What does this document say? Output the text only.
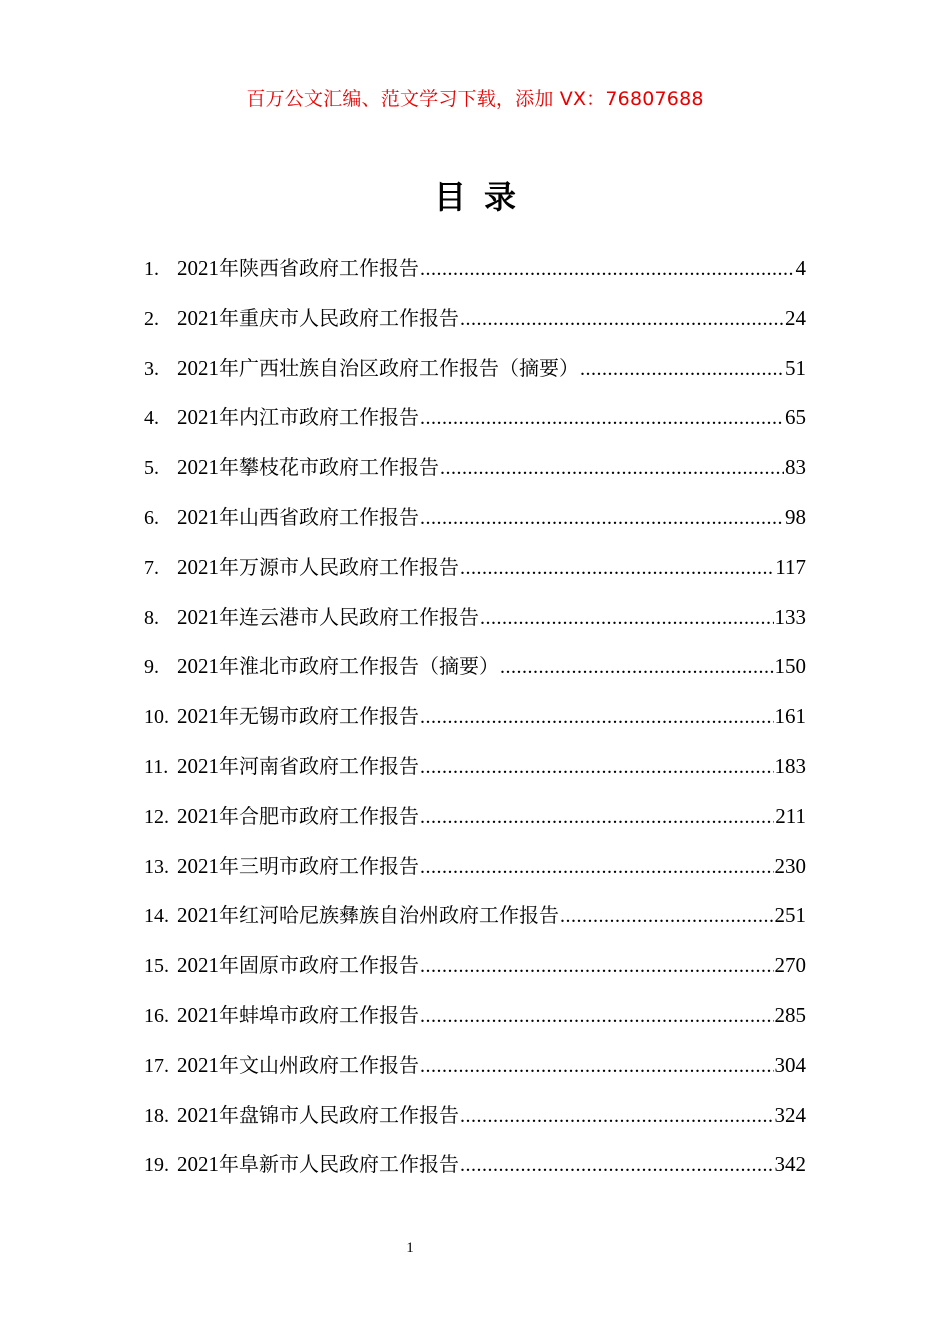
百万公文汇编、范文学习下载，添加 VX：76807688
目录
1. 2021年陕西省政府工作报告 .....	4
2. 2021年重庆市人民政府工作报告 .....	24
3. 2021年广西壮族自治区政府工作报告（摘要） .....	51
4. 2021年内江市政府工作报告 .....	65
5. 2021年攀枝花市政府工作报告 .....	83
6. 2021年山西省政府工作报告 .....	98
7. 2021年万源市人民政府工作报告 .....	117
8. 2021年连云港市人民政府工作报告 .....	133
9. 2021年淮北市政府工作报告（摘要） .....	150
10. 2021年无锡市政府工作报告 .....	161
11. 2021年河南省政府工作报告 .....	183
12. 2021年合肥市政府工作报告 .....	211
13. 2021年三明市政府工作报告 .....	230
14. 2021年红河哈尼族彝族自治州政府工作报告 .....	251
15. 2021年固原市政府工作报告 .....	270
16. 2021年蚌埠市政府工作报告 .....	285
17. 2021年文山州政府工作报告 .....	304
18. 2021年盘锦市人民政府工作报告 .....	324
19. 2021年阜新市人民政府工作报告 .....	342
1
